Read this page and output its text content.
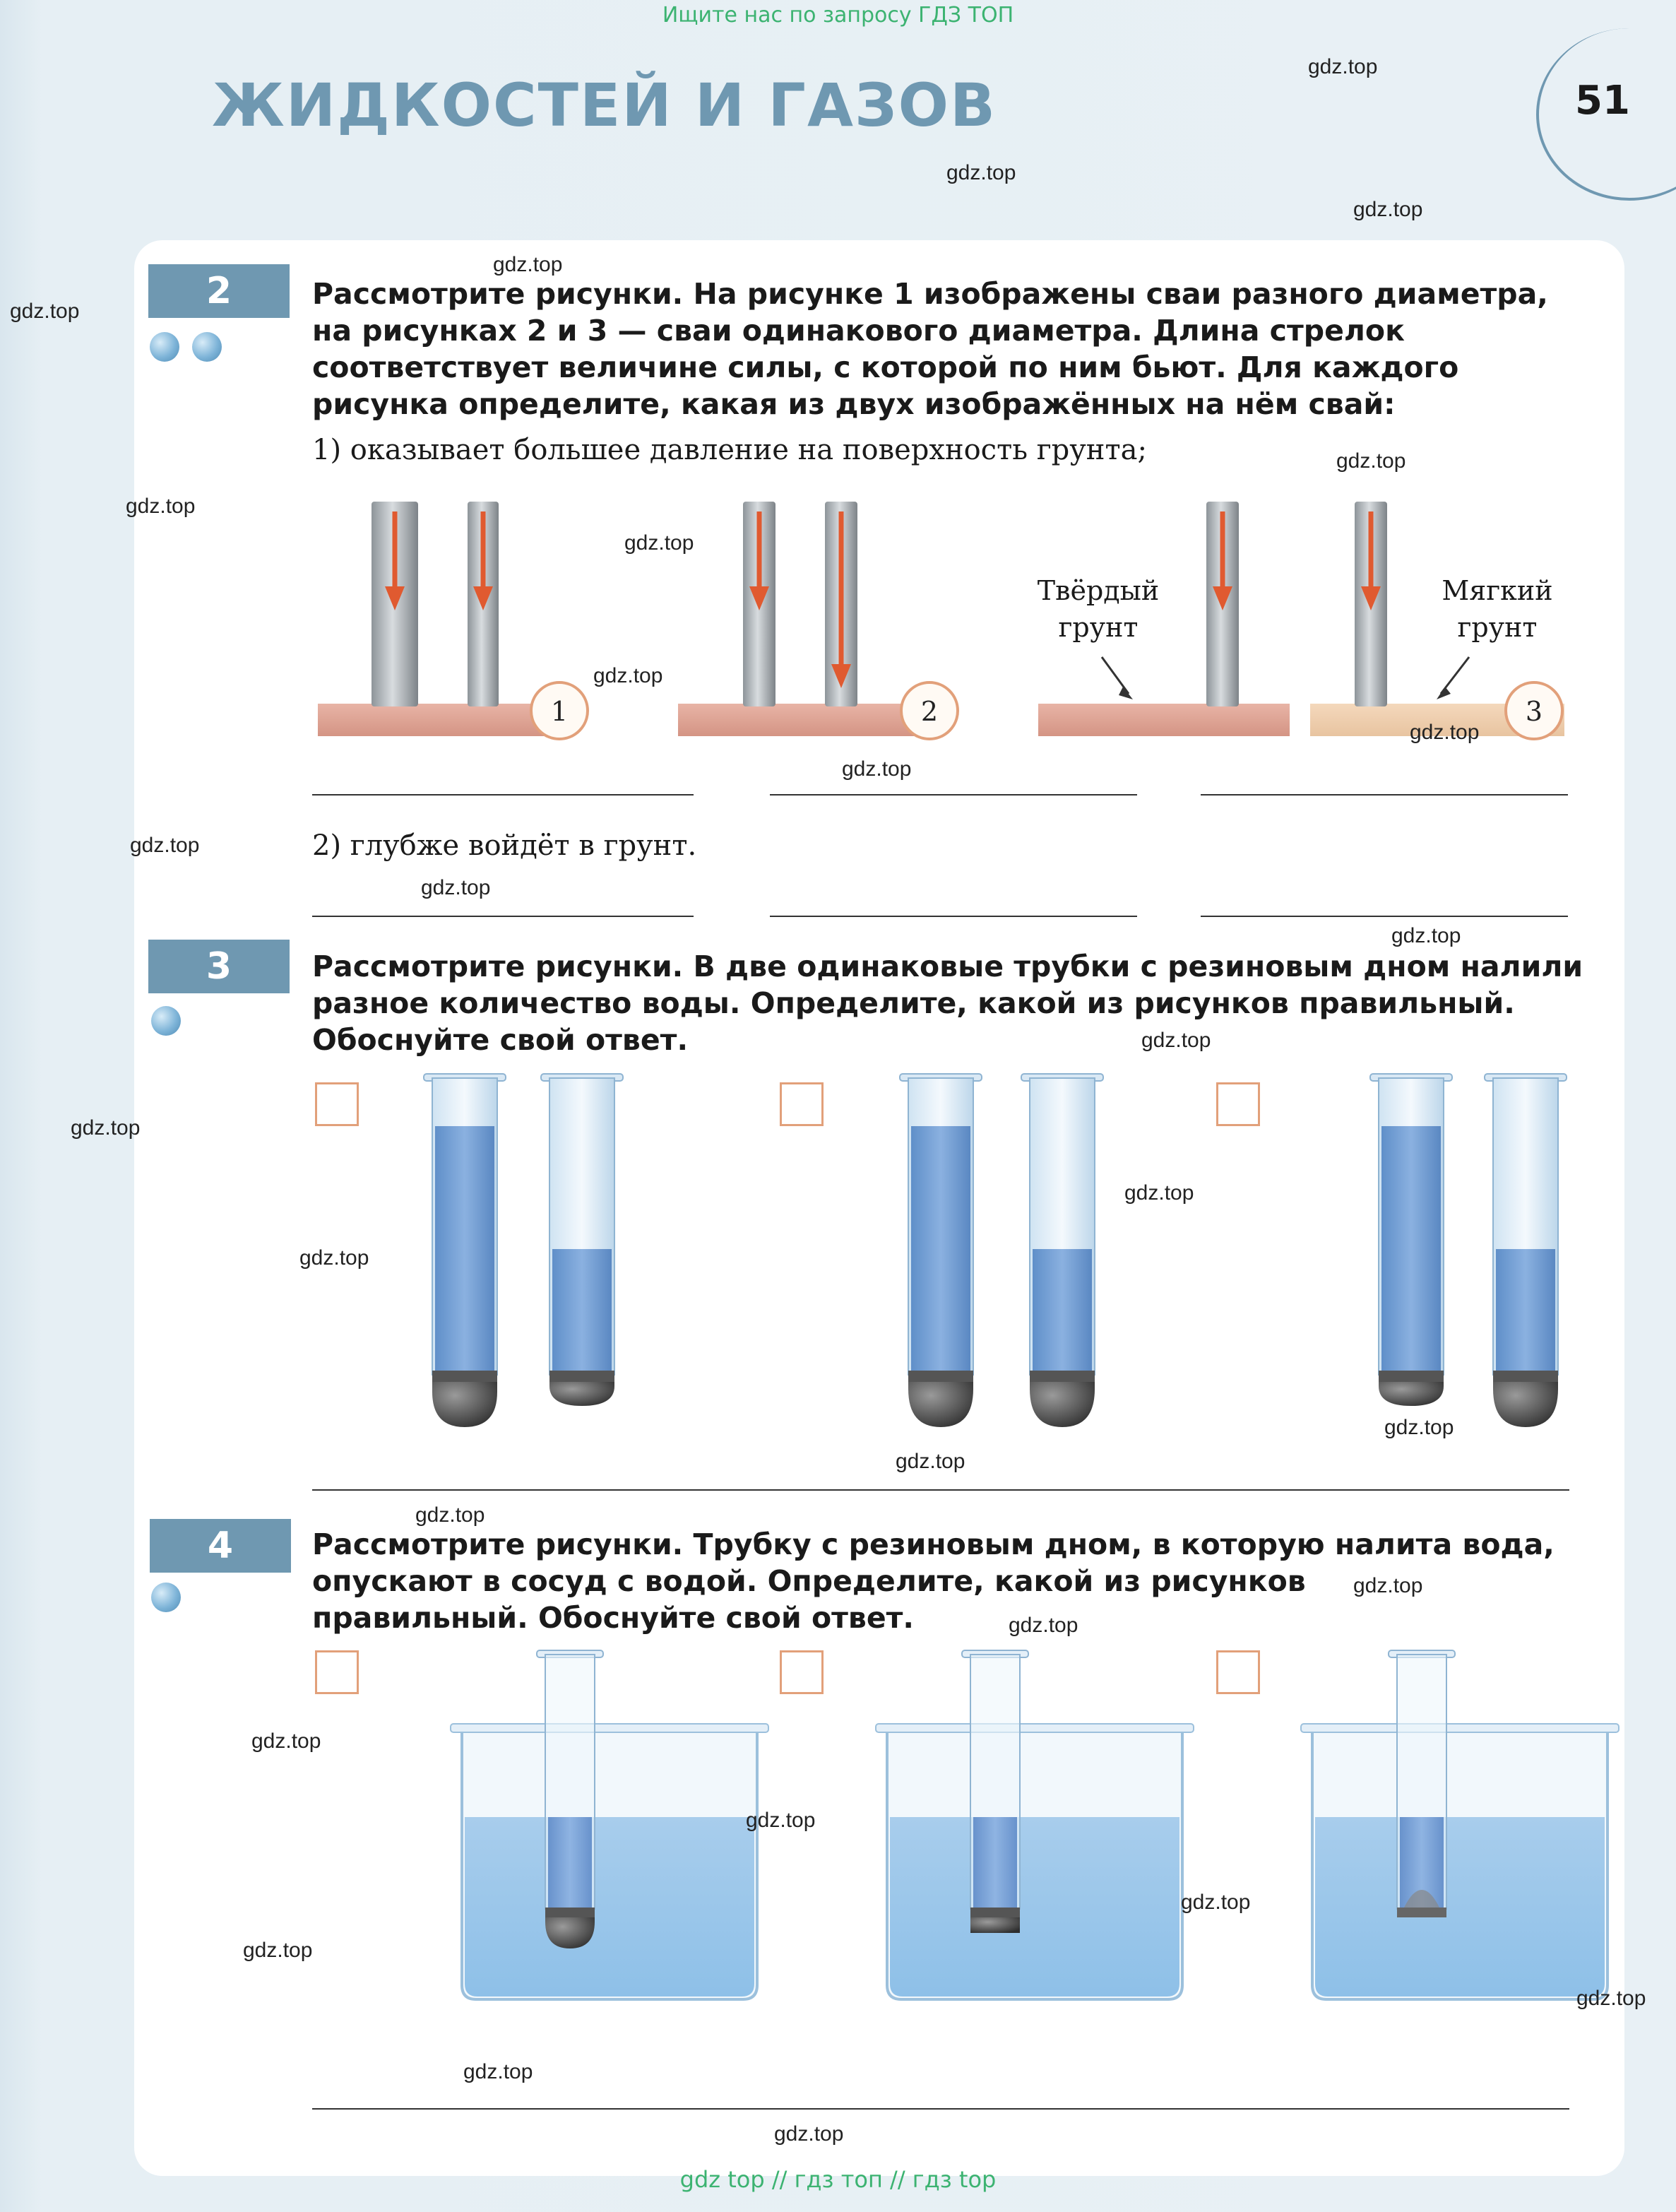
Ищите нас по запросу ГДЗ ТОП
ЖИДКОСТЕЙ И ГАЗОВ	51
2	Рассмотрите рисунки. На рисунке 1 изображены сваи разного диаметра,
на рисунках 2 и 3 — сваи одинакового диаметра. Длина стрелок
соответствует величине силы, с которой по ним бьют. Для каждого
рисунка определите, какая из двух изображённых на нём свай:
1) оказывает большее давление на поверхность грунта;
1	2	3
Твёрдый
грунт
Мягкий
грунт
2) глубже войдёт в грунт.
3	Рассмотрите рисунки. В две одинаковые трубки с резиновым дном налили
разное количество воды. Определите, какой из рисунков правильный.
Обоснуйте свой ответ.
4	Рассмотрите рисунки. Трубку с резиновым дном, в которую налита вода,
опускают в сосуд с водой. Определите, какой из рисунков
правильный. Обоснуйте свой ответ.
gdz.top
gdz.top
gdz.top
gdz.top
gdz.top
gdz.top
gdz.top
gdz.top
gdz.top
gdz.top
gdz.top
gdz.top
gdz.top
gdz.top
gdz.top
gdz.top
gdz.top
gdz.top
gdz.top
gdz.top
gdz.top
gdz.top
gdz.top
gdz.top
gdz.top
gdz.top
gdz.top
gdz.top
gdz.top
gdz.top
gdz top // гдз топ // гдз top
